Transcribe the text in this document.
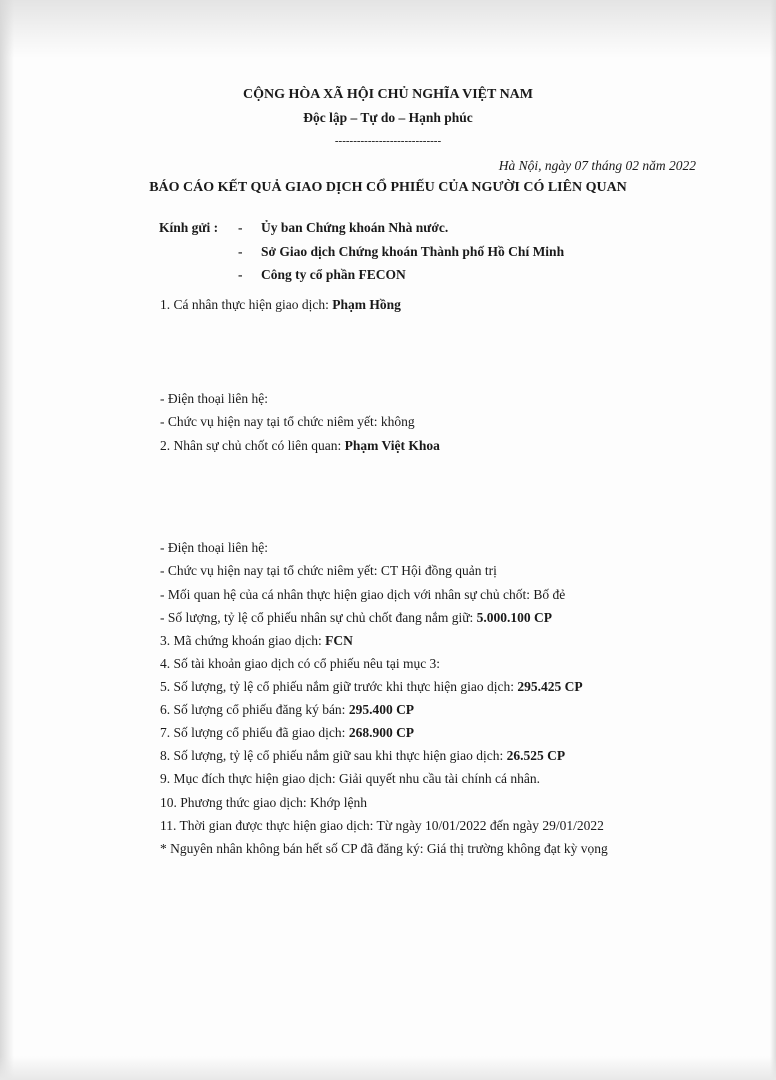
CỘNG HÒA XÃ HỘI CHỦ NGHĨA VIỆT NAM
Độc lập – Tự do – Hạnh phúc
-----------------------------
Hà Nội, ngày 07 tháng 02 năm 2022
BÁO CÁO KẾT QUẢ GIAO DỊCH CỔ PHIẾU CỦA NGƯỜI CÓ LIÊN QUAN
Kính gửi : - Ủy ban Chứng khoán Nhà nước.
- Sở Giao dịch Chứng khoán Thành phố Hồ Chí Minh
- Công ty cổ phần FECON
1. Cá nhân thực hiện giao dịch: Phạm Hồng
- Điện thoại liên hệ:
- Chức vụ hiện nay tại tổ chức niêm yết: không
2. Nhân sự chủ chốt có liên quan: Phạm Việt Khoa
- Điện thoại liên hệ:
- Chức vụ hiện nay tại tổ chức niêm yết: CT Hội đồng quản trị
- Mối quan hệ của cá nhân thực hiện giao dịch với nhân sự chủ chốt: Bố đẻ
- Số lượng, tỷ lệ cổ phiếu nhân sự chủ chốt đang nắm giữ: 5.000.100 CP
3. Mã chứng khoán giao dịch: FCN
4. Số tài khoản giao dịch có cổ phiếu nêu tại mục 3:
5. Số lượng, tỷ lệ cổ phiếu nắm giữ trước khi thực hiện giao dịch: 295.425 CP
6. Số lượng cổ phiếu đăng ký bán: 295.400 CP
7. Số lượng cổ phiếu đã giao dịch: 268.900 CP
8. Số lượng, tỷ lệ cổ phiếu nắm giữ sau khi thực hiện giao dịch: 26.525 CP
9. Mục đích thực hiện giao dịch: Giải quyết nhu cầu tài chính cá nhân.
10. Phương thức giao dịch: Khớp lệnh
11. Thời gian được thực hiện giao dịch: Từ ngày 10/01/2022 đến ngày 29/01/2022
* Nguyên nhân không bán hết số CP đã đăng ký: Giá thị trường không đạt kỳ vọng
